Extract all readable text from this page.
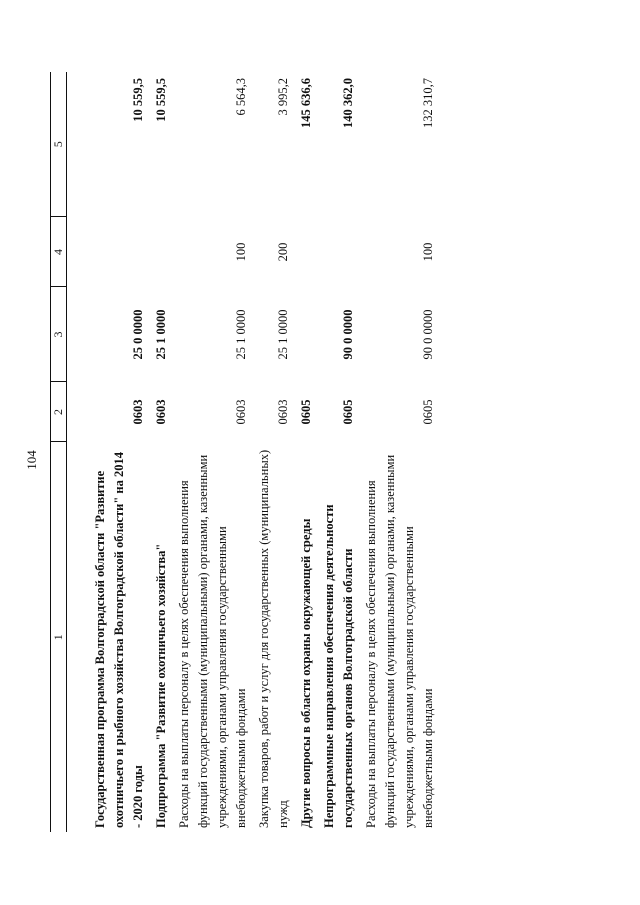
104
1	2	3	4	5

Государственная программа Волгоградской области "Развитие охотничьего и рыбного хозяйства Волгоградской области" на 2014 - 2020 годы	0603	25 0 0000		10 559,5
Подпрограмма "Развитие охотничьего хозяйства"	0603	25 1 0000		10 559,5
Расходы на выплаты персоналу в целях обеспечения выполнения функций государственными (муниципальными) органами, казенными учреждениями, органами управления государственными внебюджетными фондами	0603	25 1 0000	100	6 564,3
Закупка товаров, работ и услуг для государственных (муниципальных) нужд	0603	25 1 0000	200	3 995,2
Другие вопросы в области охраны окружающей среды	0605			145 636,6
Непрограммные направления обеспечения деятельности государственных органов Волгоградской области	0605	90 0 0000		140 362,0
Расходы на выплаты персоналу в целях обеспечения выполнения функций государственными (муниципальными) органами, казенными учреждениями, органами управления государственными внебюджетными фондами	0605	90 0 0000	100	132 310,7
